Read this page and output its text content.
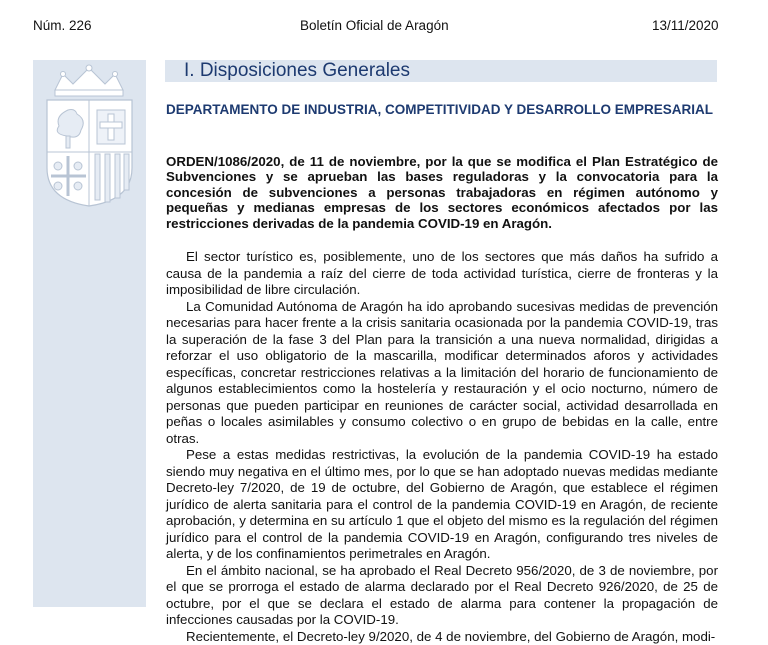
Núm. 226	Boletín Oficial de Aragón	13/11/2020
I. Disposiciones Generales
DEPARTAMENTO DE INDUSTRIA, COMPETITIVIDAD Y DESARROLLO EMPRESARIAL
ORDEN/1086/2020, de 11 de noviembre, por la que se modifica el Plan Estratégico de Subvenciones y se aprueban las bases reguladoras y la convocatoria para la concesión de subvenciones a personas trabajadoras en régimen autónomo y pequeñas y medianas empresas de los sectores económicos afectados por las restricciones derivadas de la pandemia COVID-19 en Aragón.

El sector turístico es, posiblemente, uno de los sectores que más daños ha sufrido a causa de la pandemia a raíz del cierre de toda actividad turística, cierre de fronteras y la imposibilidad de libre circulación.

La Comunidad Autónoma de Aragón ha ido aprobando sucesivas medidas de prevención necesarias para hacer frente a la crisis sanitaria ocasionada por la pandemia COVID-19, tras la superación de la fase 3 del Plan para la transición a una nueva normalidad, dirigidas a reforzar el uso obligatorio de la mascarilla, modificar determinados aforos y actividades específicas, concretar restricciones relativas a la limitación del horario de funcionamiento de algunos establecimientos como la hostelería y restauración y el ocio nocturno, número de personas que pueden participar en reuniones de carácter social, actividad desarrollada en peñas o locales asimilables y consumo colectivo o en grupo de bebidas en la calle, entre otras.

Pese a estas medidas restrictivas, la evolución de la pandemia COVID-19 ha estado siendo muy negativa en el último mes, por lo que se han adoptado nuevas medidas mediante Decreto-ley 7/2020, de 19 de octubre, del Gobierno de Aragón, que establece el régimen jurídico de alerta sanitaria para el control de la pandemia COVID-19 en Aragón, de reciente aprobación, y determina en su artículo 1 que el objeto del mismo es la regulación del régimen jurídico para el control de la pandemia COVID-19 en Aragón, configurando tres niveles de alerta, y de los confinamientos perimetrales en Aragón.

En el ámbito nacional, se ha aprobado el Real Decreto 956/2020, de 3 de noviembre, por el que se prorroga el estado de alarma declarado por el Real Decreto 926/2020, de 25 de octubre, por el que se declara el estado de alarma para contener la propagación de infecciones causadas por la COVID-19.

Recientemente, el Decreto-ley 9/2020, de 4 de noviembre, del Gobierno de Aragón, modi-
